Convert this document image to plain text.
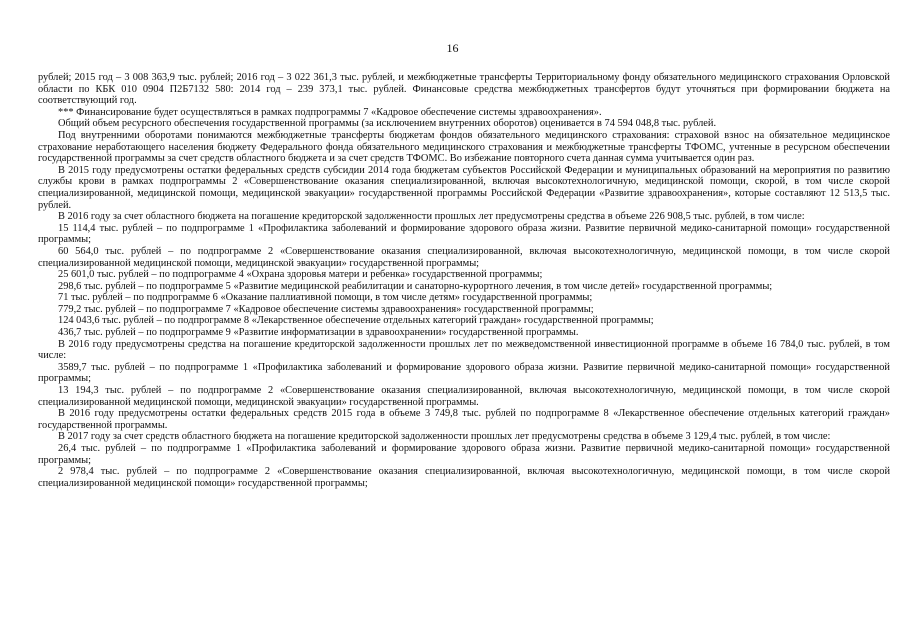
16

рублей; 2015 год – 3 008 363,9 тыс. рублей; 2016 год – 3 022 361,3 тыс. рублей, и межбюджетные трансферты Территориальному фонду обязательного медицинского страхования Орловской области по КБК 010 0904 П2Б7132 580: 2014 год – 239 373,1 тыс. рублей. Финансовые средства межбюджетных трансфертов будут уточняться при формировании бюджета на соответствующий год.

*** Финансирование будет осуществляться в рамках подпрограммы 7 «Кадровое обеспечение системы здравоохранения».

Общий объем ресурсного обеспечения государственной программы (за исключением внутренних оборотов) оценивается в 74 594 048,8 тыс. рублей.

Под внутренними оборотами понимаются межбюджетные трансферты бюджетам фондов обязательного медицинского страхования: страховой взнос на обязательное медицинское страхование неработающего населения бюджету Федерального фонда обязательного медицинского страхования и межбюджетные трансферты ТФОМС, учтенные в ресурсном обеспечении государственной программы за счет средств областного бюджета и за счет средств ТФОМС. Во избежание повторного счета данная сумма учитывается один раз.

В 2015 году предусмотрены остатки федеральных средств субсидии 2014 года бюджетам субъектов Российской Федерации и муниципальных образований на мероприятия по развитию службы крови в рамках подпрограммы 2 «Совершенствование оказания специализированной, включая высокотехнологичную, медицинской помощи, скорой, в том числе скорой специализированной, медицинской помощи, медицинской эвакуации» государственной программы Российской Федерации «Развитие здравоохранения», которые составляют 12 513,5 тыс. рублей.

В 2016 году за счет областного бюджета на погашение кредиторской задолженности прошлых лет предусмотрены средства в объеме 226 908,5 тыс. рублей, в том числе:

15 114,4 тыс. рублей – по подпрограмме 1 «Профилактика заболеваний и формирование здорового образа жизни. Развитие первичной медико-санитарной помощи» государственной программы;

60 564,0 тыс. рублей – по подпрограмме 2 «Совершенствование оказания специализированной, включая высокотехнологичную, медицинской помощи, в том числе скорой специализированной медицинской помощи, медицинской эвакуации» государственной программы;

25 601,0 тыс. рублей – по подпрограмме 4 «Охрана здоровья матери и ребенка» государственной программы;

298,6 тыс. рублей – по подпрограмме 5 «Развитие медицинской реабилитации и санаторно-курортного лечения, в том числе детей» государственной программы;

71 тыс. рублей – по подпрограмме 6 «Оказание паллиативной помощи, в том числе детям» государственной программы;

779,2 тыс. рублей – по подпрограмме 7 «Кадровое обеспечение системы здравоохранения» государственной программы;

124 043,6 тыс. рублей – по подпрограмме 8 «Лекарственное обеспечение отдельных категорий граждан» государственной программы;

436,7 тыс. рублей – по подпрограмме 9 «Развитие информатизации в здравоохранении» государственной программы.

В 2016 году предусмотрены средства на погашение кредиторской задолженности прошлых лет по межведомственной инвестиционной программе в объеме 16 784,0 тыс. рублей, в том числе:

3589,7 тыс. рублей – по подпрограмме 1 «Профилактика заболеваний и формирование здорового образа жизни. Развитие первичной медико-санитарной помощи» государственной программы;

13 194,3 тыс. рублей – по подпрограмме 2 «Совершенствование оказания специализированной, включая высокотехнологичную, медицинской помощи, в том числе скорой специализированной медицинской помощи, медицинской эвакуации» государственной программы.

В 2016 году предусмотрены остатки федеральных средств 2015 года в объеме 3 749,8 тыс. рублей по подпрограмме 8 «Лекарственное обеспечение отдельных категорий граждан» государственной программы.

В 2017 году за счет средств областного бюджета на погашение кредиторской задолженности прошлых лет предусмотрены средства в объеме 3 129,4 тыс. рублей, в том числе:

26,4 тыс. рублей – по подпрограмме 1 «Профилактика заболеваний и формирование здорового образа жизни. Развитие первичной медико-санитарной помощи» государственной программы;

2 978,4 тыс. рублей – по подпрограмме 2 «Совершенствование оказания специализированной, включая высокотехнологичную, медицинской помощи, в том числе скорой специализированной медицинской помощи» государственной программы;
